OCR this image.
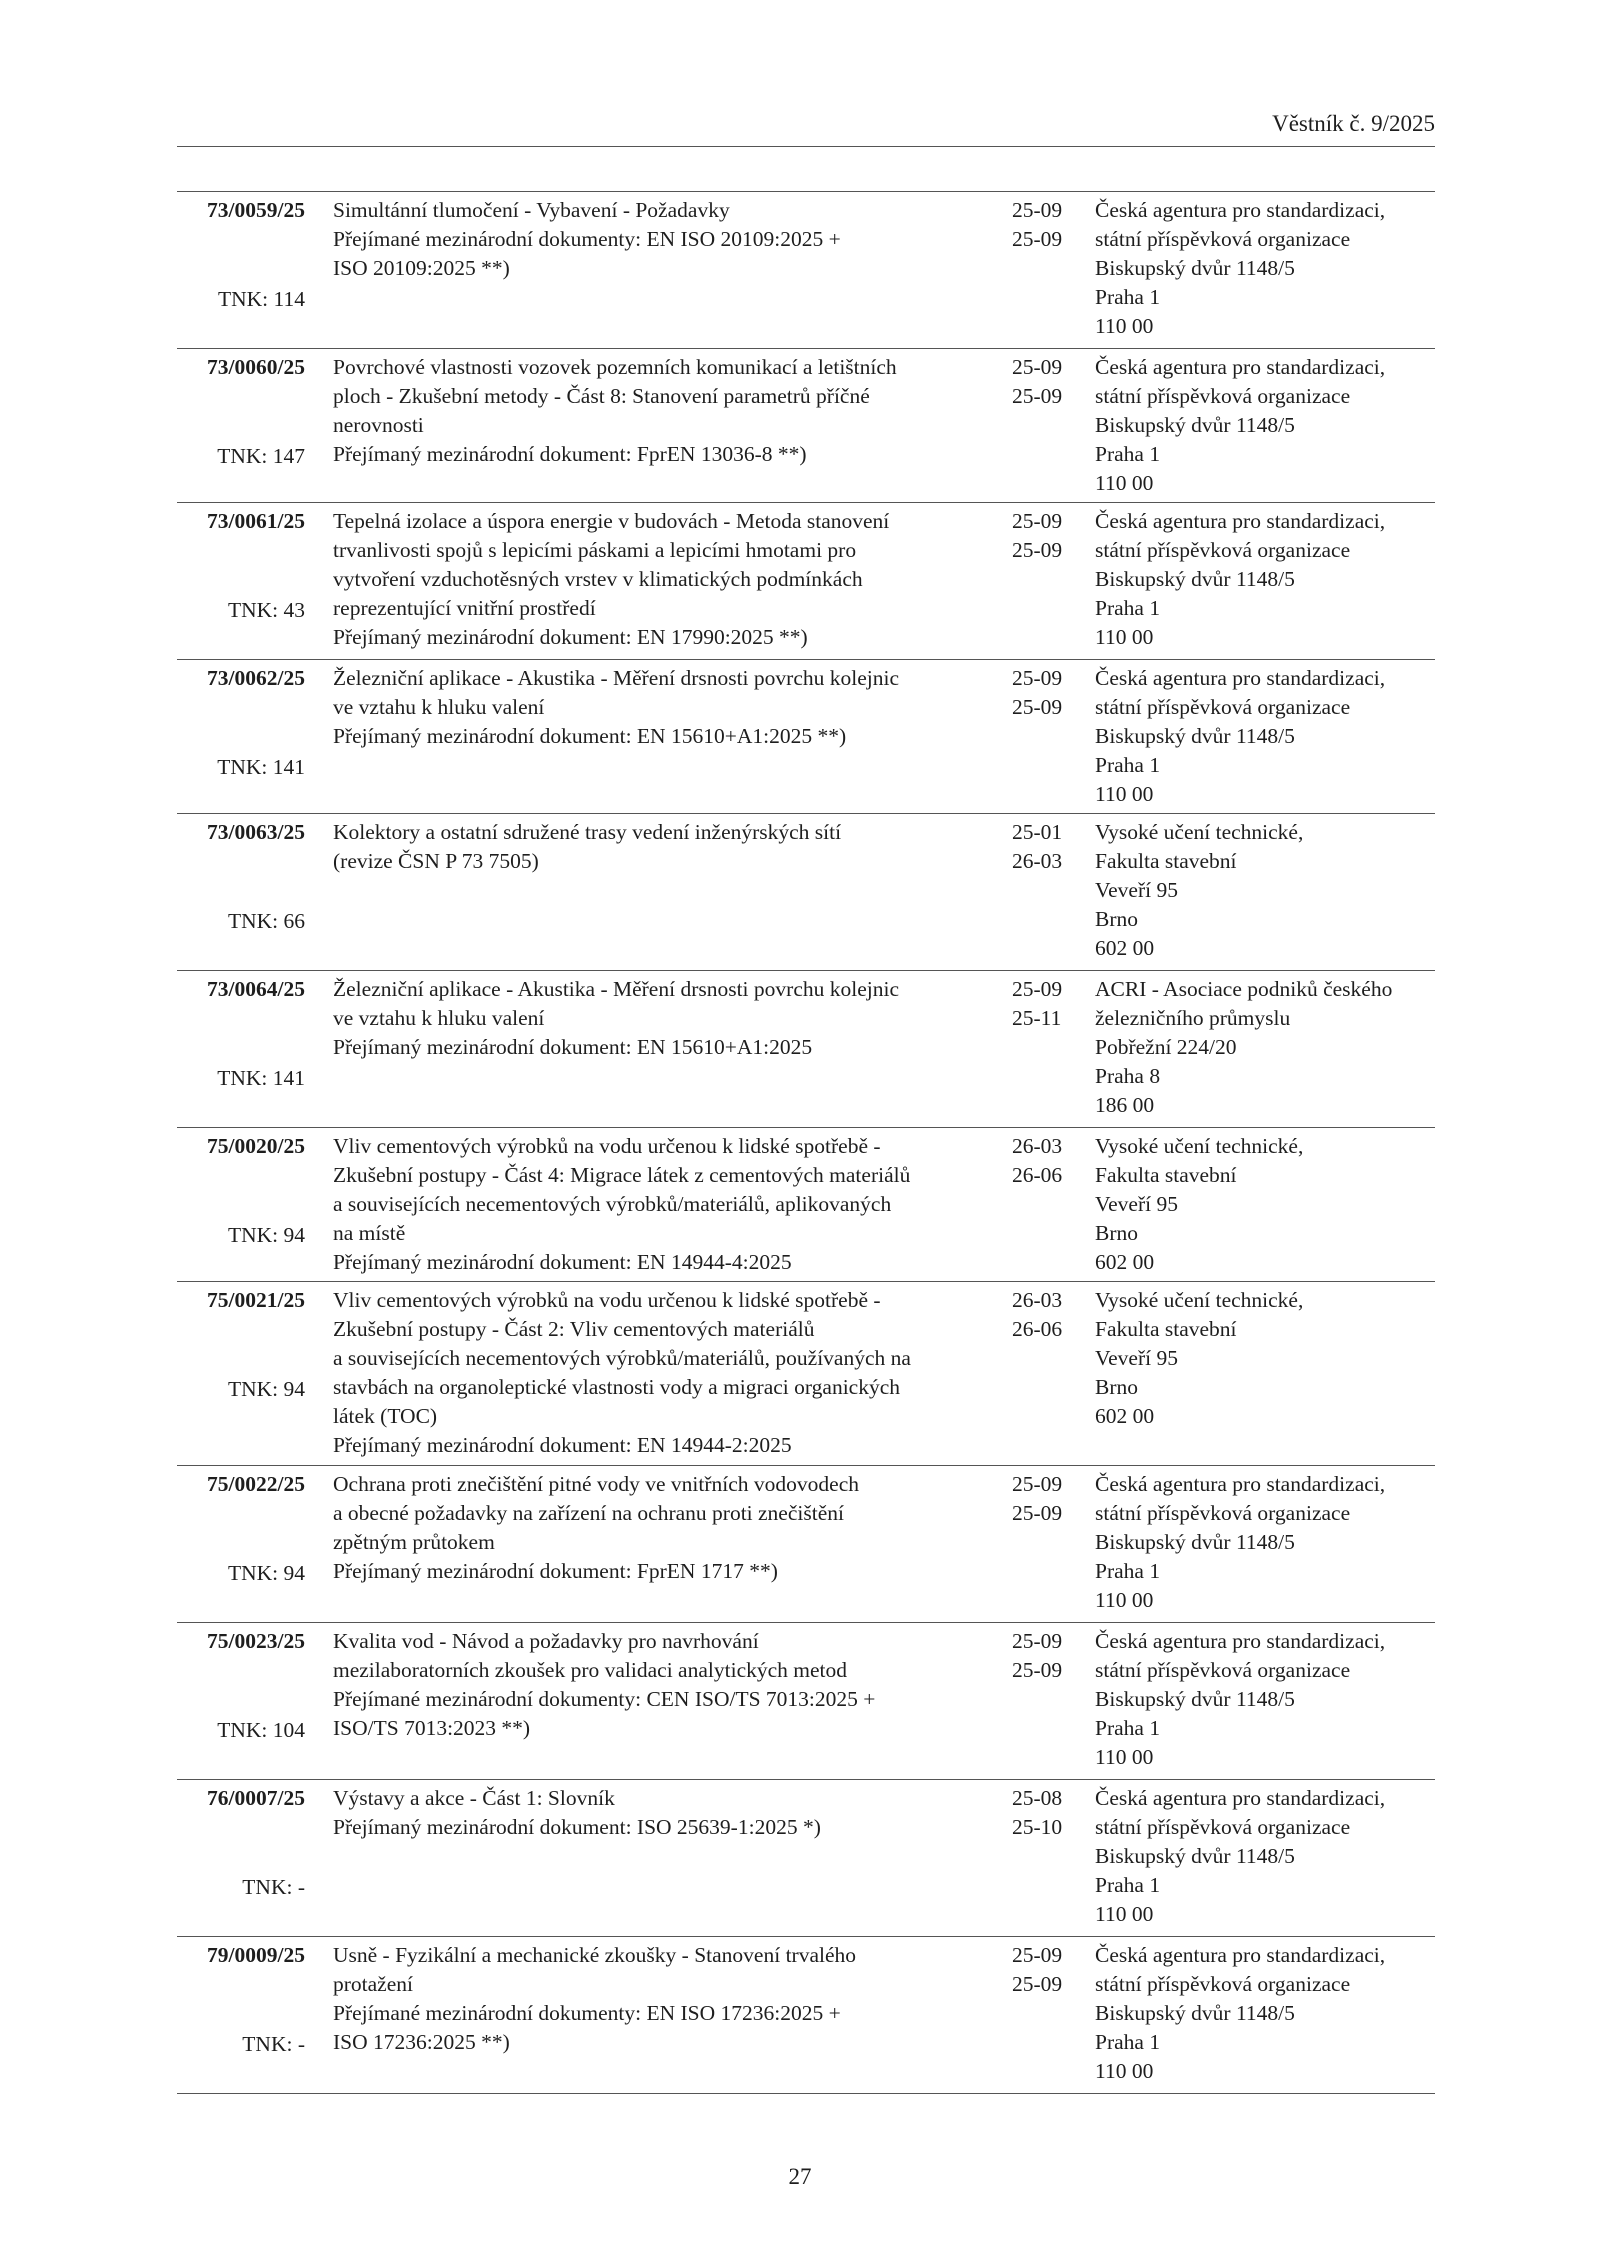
Věstník č. 9/2025
73/0059/25
TNK: 114
Simultánní tlumočení - Vybavení - Požadavky
Přejímané mezinárodní dokumenty: EN ISO 20109:2025 +
ISO 20109:2025 **)
25-09
25-09
Česká agentura pro standardizaci,
státní příspěvková organizace
Biskupský dvůr 1148/5
Praha 1
110 00
73/0060/25
TNK: 147
Povrchové vlastnosti vozovek pozemních komunikací a letištních
ploch - Zkušební metody - Část 8: Stanovení parametrů příčné
nerovnosti
Přejímaný mezinárodní dokument: FprEN 13036-8 **)
25-09
25-09
Česká agentura pro standardizaci,
státní příspěvková organizace
Biskupský dvůr 1148/5
Praha 1
110 00
73/0061/25
TNK: 43
Tepelná izolace a úspora energie v budovách - Metoda stanovení
trvanlivosti spojů s lepicími páskami a lepicími hmotami pro
vytvoření vzduchotěsných vrstev v klimatických podmínkách
reprezentující vnitřní prostředí
Přejímaný mezinárodní dokument: EN 17990:2025 **)
25-09
25-09
Česká agentura pro standardizaci,
státní příspěvková organizace
Biskupský dvůr 1148/5
Praha 1
110 00
73/0062/25
TNK: 141
Železniční aplikace - Akustika - Měření drsnosti povrchu kolejnic
ve vztahu k hluku valení
Přejímaný mezinárodní dokument: EN 15610+A1:2025 **)
25-09
25-09
Česká agentura pro standardizaci,
státní příspěvková organizace
Biskupský dvůr 1148/5
Praha 1
110 00
73/0063/25
TNK: 66
Kolektory a ostatní sdružené trasy vedení inženýrských sítí
(revize ČSN P 73 7505)
25-01
26-03
Vysoké učení technické,
Fakulta stavební
Veveří 95
Brno
602 00
73/0064/25
TNK: 141
Železniční aplikace - Akustika - Měření drsnosti povrchu kolejnic
ve vztahu k hluku valení
Přejímaný mezinárodní dokument: EN 15610+A1:2025
25-09
25-11
ACRI - Asociace podniků českého
železničního průmyslu
Pobřežní 224/20
Praha 8
186 00
75/0020/25
TNK: 94
Vliv cementových výrobků na vodu určenou k lidské spotřebě -
Zkušební postupy - Část 4: Migrace látek z cementových materiálů
a souvisejících necementových výrobků/materiálů, aplikovaných
na místě
Přejímaný mezinárodní dokument: EN 14944-4:2025
26-03
26-06
Vysoké učení technické,
Fakulta stavební
Veveří 95
Brno
602 00
75/0021/25
TNK: 94
Vliv cementových výrobků na vodu určenou k lidské spotřebě -
Zkušební postupy - Část 2: Vliv cementových materiálů
a souvisejících necementových výrobků/materiálů, používaných na
stavbách na organoleptické vlastnosti vody a migraci organických
látek (TOC)
Přejímaný mezinárodní dokument: EN 14944-2:2025
26-03
26-06
Vysoké učení technické,
Fakulta stavební
Veveří 95
Brno
602 00
75/0022/25
TNK: 94
Ochrana proti znečištění pitné vody ve vnitřních vodovodech
a obecné požadavky na zařízení na ochranu proti znečištění
zpětným průtokem
Přejímaný mezinárodní dokument: FprEN 1717 **)
25-09
25-09
Česká agentura pro standardizaci,
státní příspěvková organizace
Biskupský dvůr 1148/5
Praha 1
110 00
75/0023/25
TNK: 104
Kvalita vod - Návod a požadavky pro navrhování
mezilaboratorních zkoušek pro validaci analytických metod
Přejímané mezinárodní dokumenty: CEN ISO/TS 7013:2025 +
ISO/TS 7013:2023 **)
25-09
25-09
Česká agentura pro standardizaci,
státní příspěvková organizace
Biskupský dvůr 1148/5
Praha 1
110 00
76/0007/25
TNK: -
Výstavy a akce - Část 1: Slovník
Přejímaný mezinárodní dokument: ISO 25639-1:2025 *)
25-08
25-10
Česká agentura pro standardizaci,
státní příspěvková organizace
Biskupský dvůr 1148/5
Praha 1
110 00
79/0009/25
TNK: -
Usně - Fyzikální a mechanické zkoušky - Stanovení trvalého
protažení
Přejímané mezinárodní dokumenty: EN ISO 17236:2025 +
ISO 17236:2025 **)
25-09
25-09
Česká agentura pro standardizaci,
státní příspěvková organizace
Biskupský dvůr 1148/5
Praha 1
110 00
27
